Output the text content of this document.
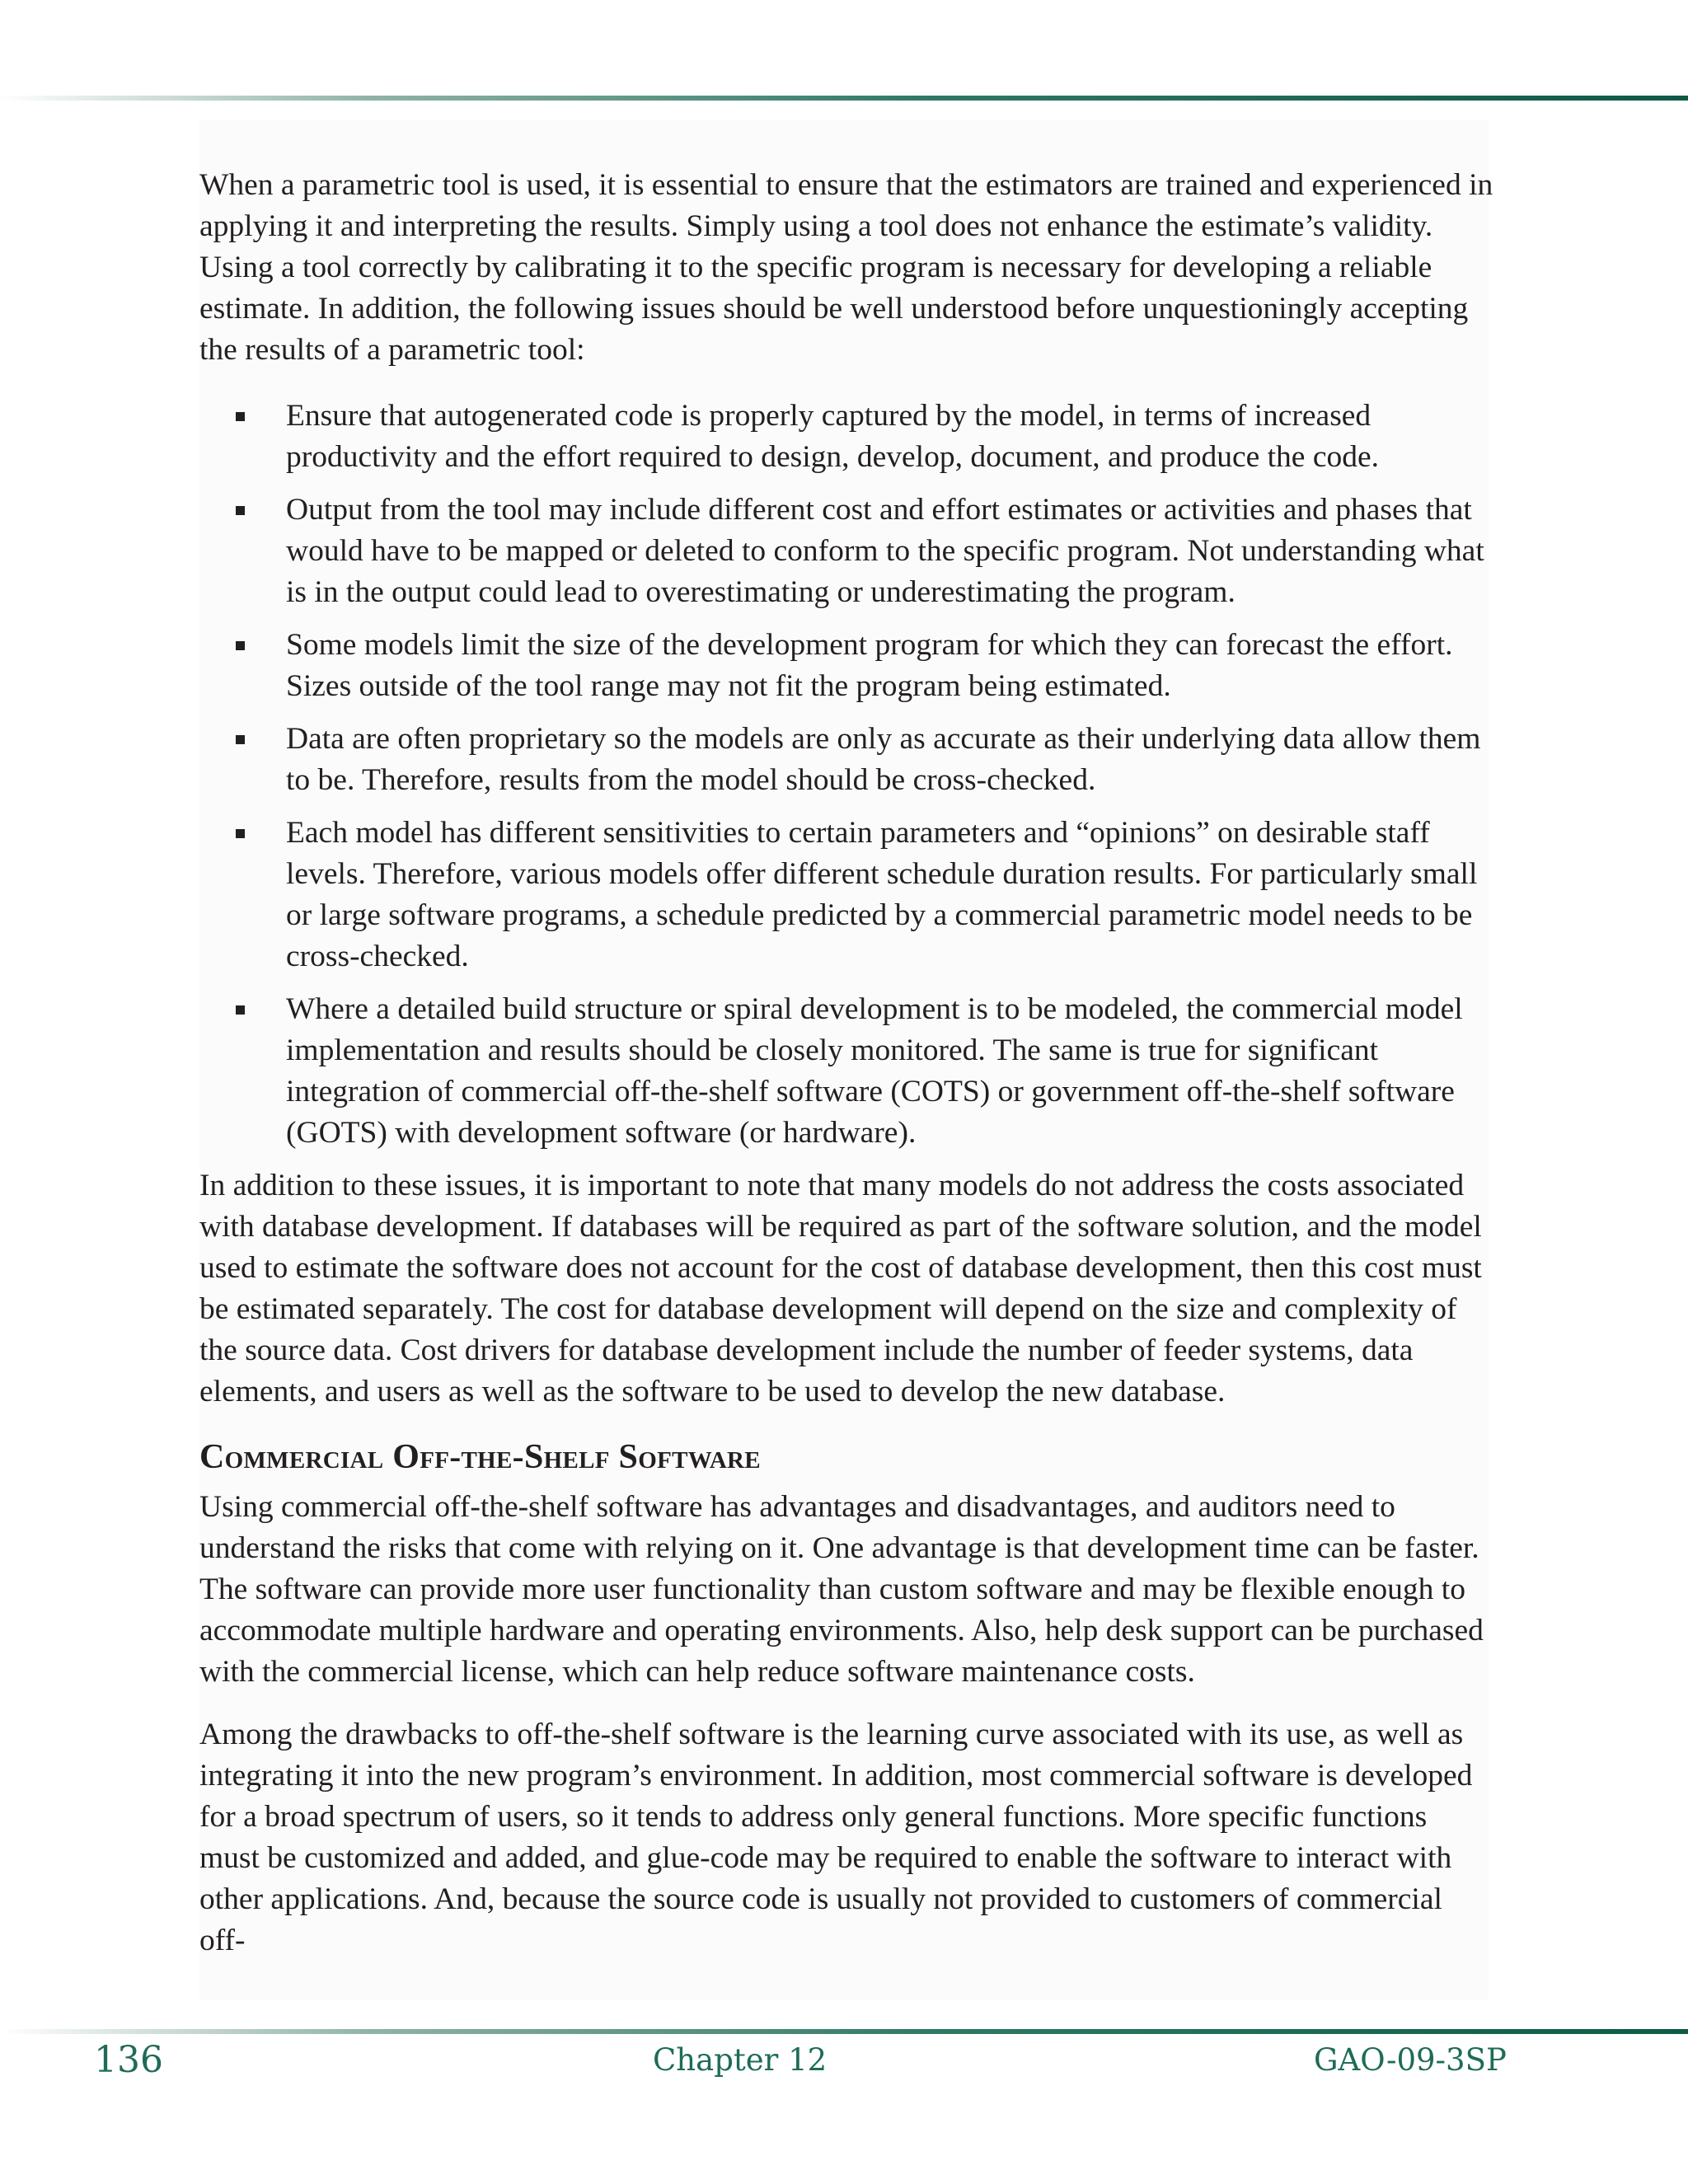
When a parametric tool is used, it is essential to ensure that the estimators are trained and experienced in applying it and interpreting the results. Simply using a tool does not enhance the estimate’s validity. Using a tool correctly by calibrating it to the specific program is necessary for developing a reliable estimate. In addition, the following issues should be well understood before unquestioningly accepting the results of a parametric tool:

Ensure that autogenerated code is properly captured by the model, in terms of increased productivity and the effort required to design, develop, document, and produce the code.
Output from the tool may include different cost and effort estimates or activities and phases that would have to be mapped or deleted to conform to the specific program. Not understanding what is in the output could lead to overestimating or underestimating the program.
Some models limit the size of the development program for which they can forecast the effort. Sizes outside of the tool range may not fit the program being estimated.
Data are often proprietary so the models are only as accurate as their underlying data allow them to be. Therefore, results from the model should be cross-checked.
Each model has different sensitivities to certain parameters and “opinions” on desirable staff levels. Therefore, various models offer different schedule duration results. For particularly small or large software programs, a schedule predicted by a commercial parametric model needs to be cross-checked.
Where a detailed build structure or spiral development is to be modeled, the commercial model implementation and results should be closely monitored. The same is true for significant integration of commercial off-the-shelf software (COTS) or government off-the-shelf software (GOTS) with development software (or hardware).

In addition to these issues, it is important to note that many models do not address the costs associated with database development. If databases will be required as part of the software solution, and the model used to estimate the software does not account for the cost of database development, then this cost must be estimated separately. The cost for database development will depend on the size and complexity of the source data. Cost drivers for database development include the number of feeder systems, data elements, and users as well as the software to be used to develop the new database.

Commercial Off-the-Shelf Software

Using commercial off-the-shelf software has advantages and disadvantages, and auditors need to understand the risks that come with relying on it. One advantage is that development time can be faster. The software can provide more user functionality than custom software and may be flexible enough to accommodate multiple hardware and operating environments. Also, help desk support can be purchased with the commercial license, which can help reduce software maintenance costs.

Among the drawbacks to off-the-shelf software is the learning curve associated with its use, as well as integrating it into the new program’s environment. In addition, most commercial software is developed for a broad spectrum of users, so it tends to address only general functions. More specific functions must be customized and added, and glue-code may be required to enable the software to interact with other applications. And, because the source code is usually not provided to customers of commercial off-

136	Chapter 12	GAO-09-3SP
